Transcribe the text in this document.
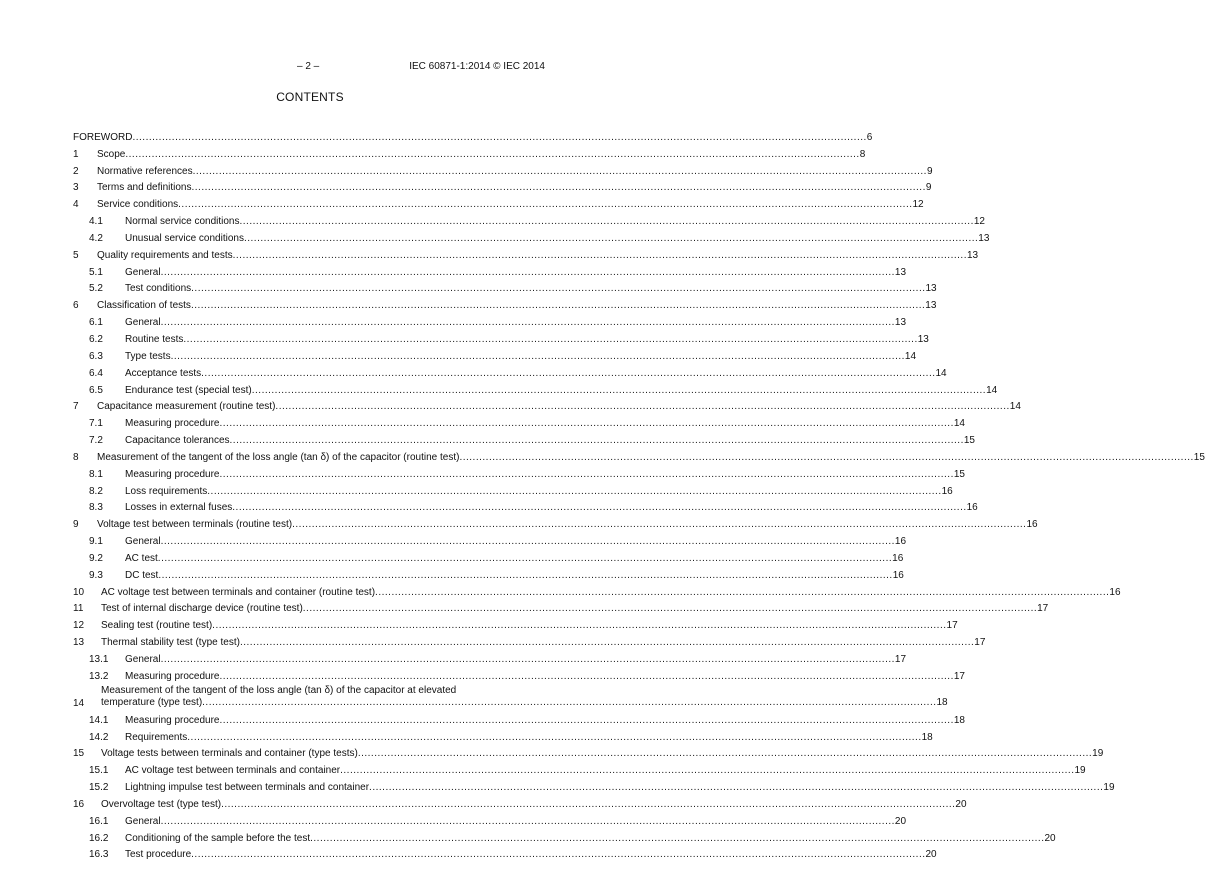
– 2 –	IEC 60871-1:2014 © IEC 2014
CONTENTS
FOREWORD .....	6
1	Scope .....	8
2	Normative references .....	9
3	Terms and definitions .....	9
4	Service conditions .....	12
4.1	Normal service conditions .....	12
4.2	Unusual service conditions .....	13
5	Quality requirements and tests .....	13
5.1	General .....	13
5.2	Test conditions .....	13
6	Classification of tests .....	13
6.1	General .....	13
6.2	Routine tests .....	13
6.3	Type tests .....	14
6.4	Acceptance tests .....	14
6.5	Endurance test (special test) .....	14
7	Capacitance measurement (routine test) .....	14
7.1	Measuring procedure .....	14
7.2	Capacitance tolerances .....	15
8	Measurement of the tangent of the loss angle (tan δ) of the capacitor (routine test) .....	15
8.1	Measuring procedure .....	15
8.2	Loss requirements .....	16
8.3	Losses in external fuses .....	16
9	Voltage test between terminals (routine test) .....	16
9.1	General .....	16
9.2	AC test .....	16
9.3	DC test .....	16
10	AC voltage test between terminals and container (routine test) .....	16
11	Test of internal discharge device (routine test) .....	17
12	Sealing test (routine test) .....	17
13	Thermal stability test (type test) .....	17
13.1	General .....	17
13.2	Measuring procedure .....	17
14
Measurement of the tangent of the loss angle (tan δ) of the capacitor at elevated
temperature (type test) .....	18
14.1	Measuring procedure .....	18
14.2	Requirements .....	18
15	Voltage tests between terminals and container (type tests) .....	19
15.1	AC voltage test between terminals and container .....	19
15.2	Lightning impulse test between terminals and container .....	19
16	Overvoltage test (type test) .....	20
16.1	General .....	20
16.2	Conditioning of the sample before the test .....	20
16.3	Test procedure .....	20
